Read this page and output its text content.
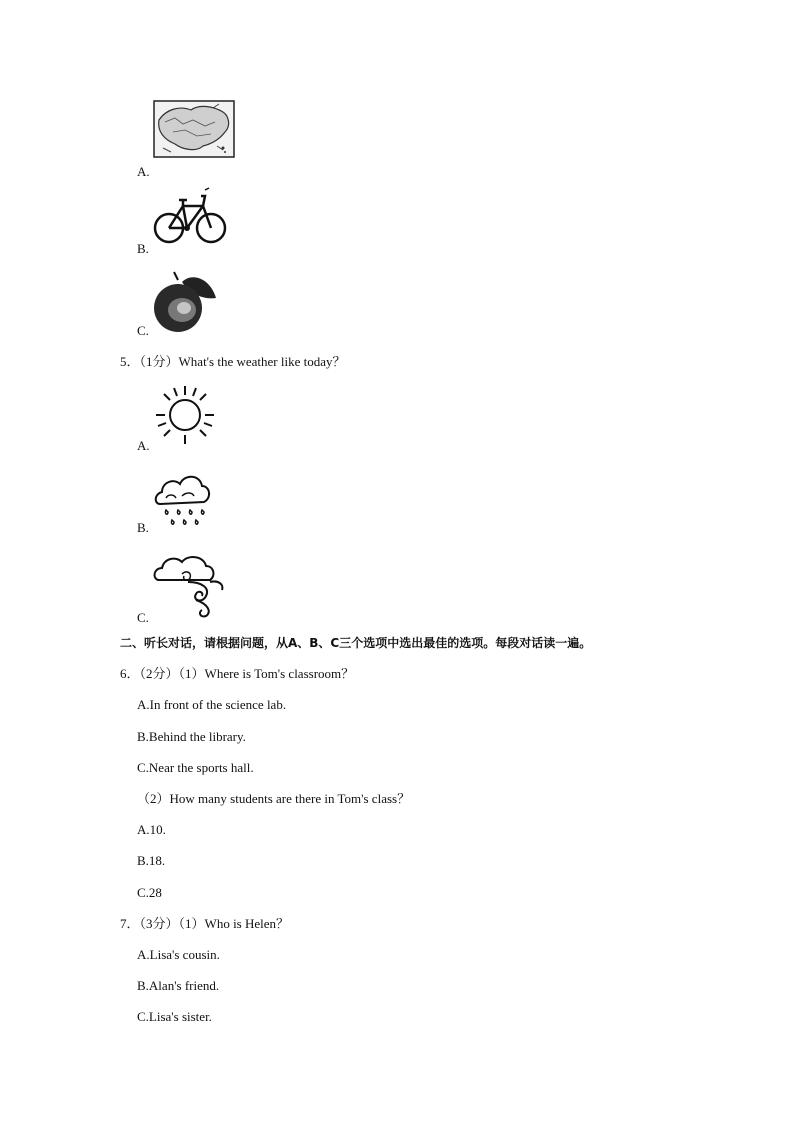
A.
B.
C.
5．（1分）What's the weather like today？
A.
B.
C.
二、听长对话，请根据问题，从A、B、C三个选项中选出最佳的选项。每段对话读一遍。
6．（2分）（1）Where is Tom's classroom？
A.In front of the science lab.
B.Behind the library.
C.Near the sports hall.
（2）How many students are there in Tom's class？
A.10.
B.18.
C.28
7．（3分）（1）Who is Helen？
A.Lisa's cousin.
B.Alan's friend.
C.Lisa's sister.
